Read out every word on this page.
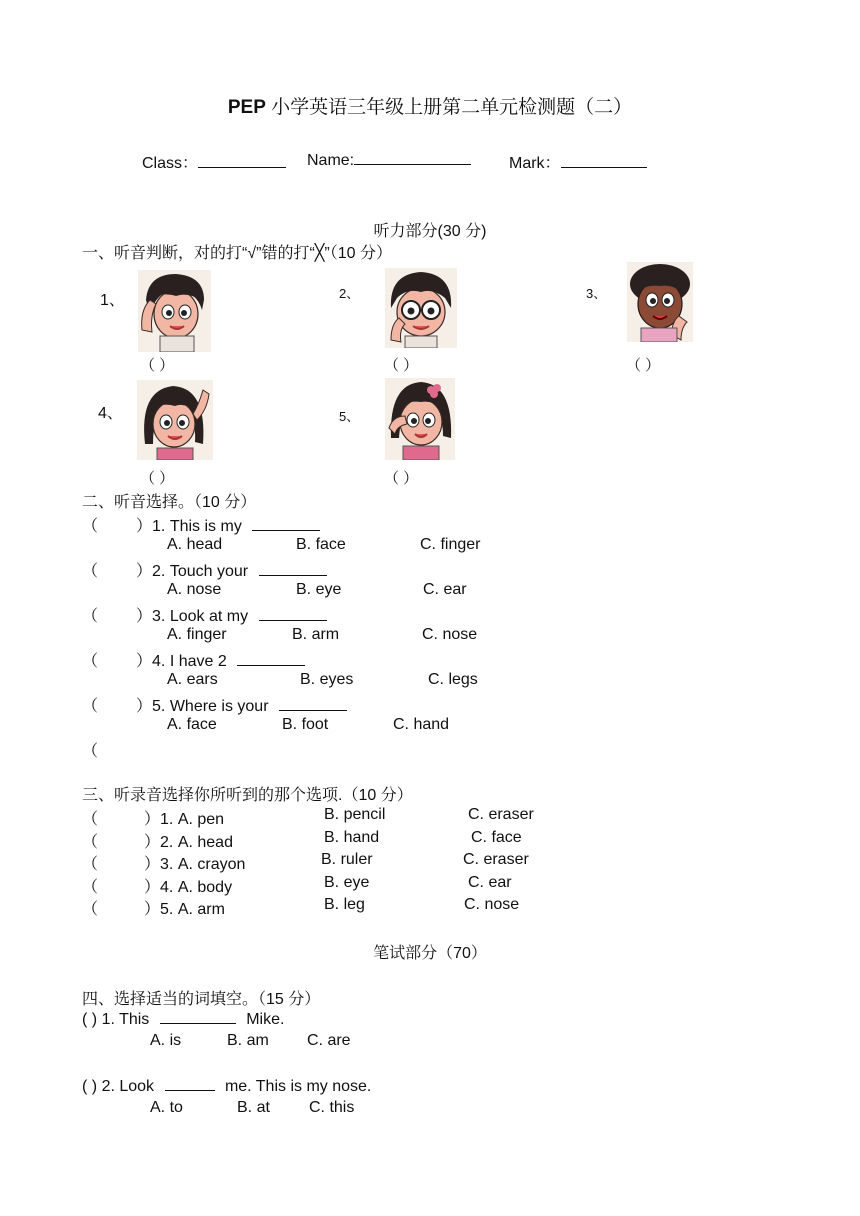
PEP 小学英语三年级上册第二单元检测题（二）
Class：	Name:	Mark：
听力部分(30 分)
一、听音判断，对的打“√”错的打“╳”（10 分）
1、	2、	3、
4、	5、
（ ）	（ ）	（ ）
（ ）	（ ）
二、听音选择。（10 分）
（ ）1. This is my
A. head	B. face	C. finger
（ ）2. Touch your
A. nose	B. eye	C. ear
（ ）3. Look at my
A. finger	B. arm	C. nose
（ ）4. I have 2
A. ears	B. eyes	C. legs
（ ）5. Where is your
A. face	B. foot	C. hand
（
三、听录音选择你所听到的那个选项.（10 分）
（	）1. A. pen	B. pencil	C. eraser
（	）2. A. head	B. hand	C. face
（	）3. A. crayon	B. ruler	C. eraser
（	）4. A. body	B. eye	C. ear
（	）5. A. arm	B. leg	C. nose
笔试部分（70）
四、选择适当的词填空。（15 分）
( ) 1. This	Mike.
A. is	B. am C. are
( ) 2. Look	me. This is my nose.
A. to	B. at C. this
